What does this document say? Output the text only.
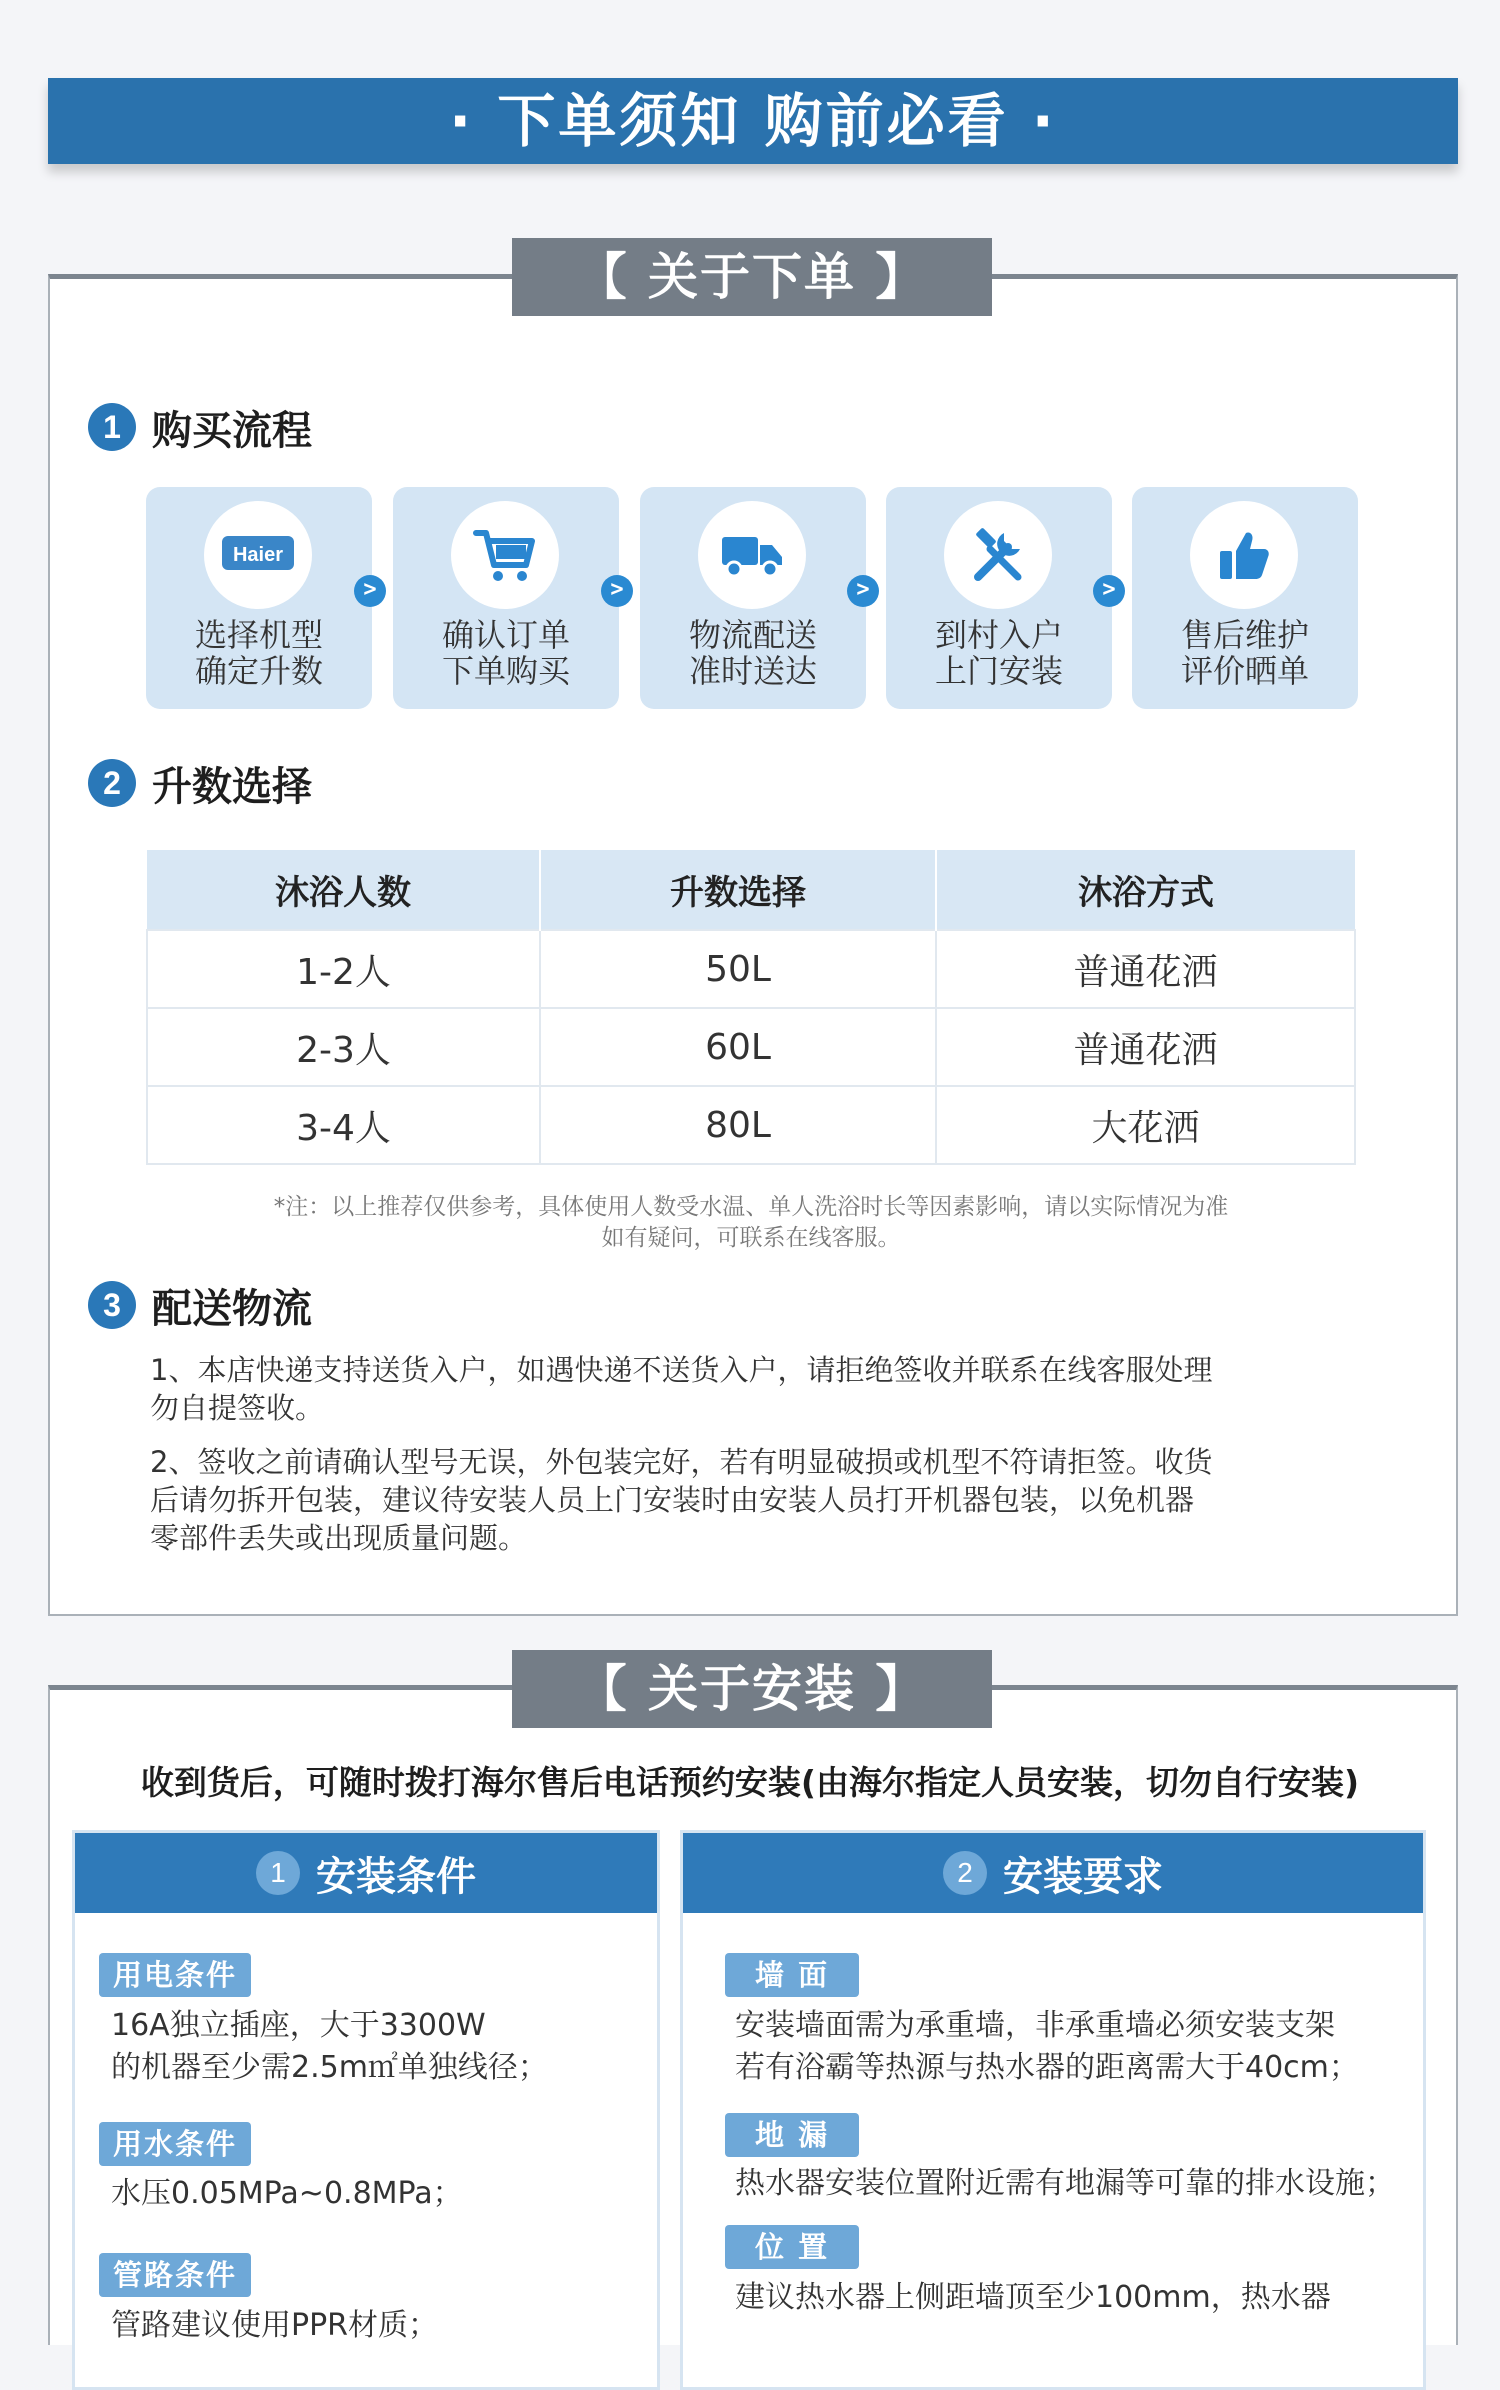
· 下单须知 购前必看 ·
【 关于下单 】
1 购买流程
Haier
选择机型
确定升数
>
确认订单
下单购买
>
物流配送
准时送达
>
到村入户
上门安装
>
售后维护
评价晒单
2 升数选择
沐浴人数	升数选择	沐浴方式
1-2人	50L	普通花洒
2-3人	60L	普通花洒
3-4人	80L	大花洒
*注：以上推荐仅供参考，具体使用人数受水温、单人洗浴时长等因素影响，请以实际情况为准
如有疑问，可联系在线客服。
3 配送物流
1、本店快递支持送货入户，如遇快递不送货入户，请拒绝签收并联系在线客服处理
勿自提签收。
2、签收之前请确认型号无误，外包装完好，若有明显破损或机型不符请拒签。收货
后请勿拆开包装，建议待安装人员上门安装时由安装人员打开机器包装，以免机器
零部件丢失或出现质量问题。
【 关于安装 】
收到货后，可随时拨打海尔售后电话预约安装(由海尔指定人员安装，切勿自行安装)
1 安装条件
用电条件
16A独立插座，大于3300W
的机器至少需2.5m㎡单独线径；
用水条件
水压0.05MPa~0.8MPa；
管路条件
管路建议使用PPR材质；
2 安装要求
墙 面
安装墙面需为承重墙，非承重墙必须安装支架
若有浴霸等热源与热水器的距离需大于40cm；
地 漏
热水器安装位置附近需有地漏等可靠的排水设施；
位 置
建议热水器上侧距墙顶至少100mm，热水器
